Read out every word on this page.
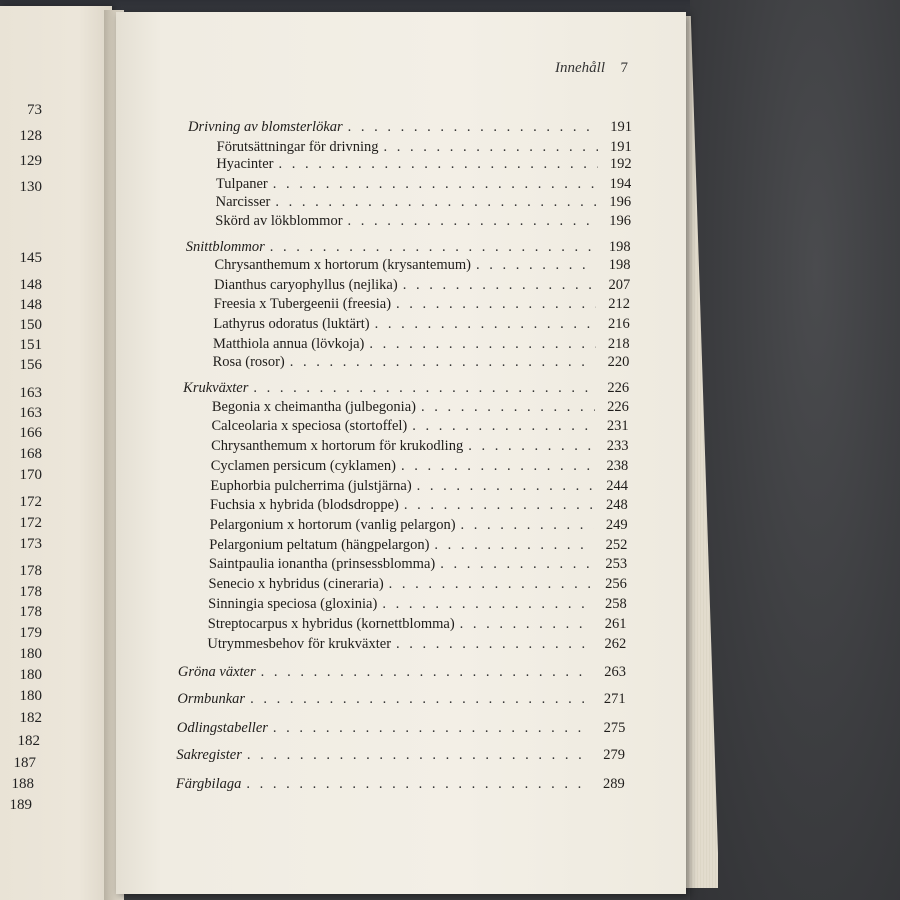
73
128
129
130
145
148
148
150
151
156
163
163
166
168
170
172
172
173
178
178
178
179
180
180
180
182
182
187
188
189
Innehåll 7
Drivning av blomsterlökar . . .	191
Förutsättningar för drivning . . .	191
Hyacinter . . .	192
Tulpaner . . .	194
Narcisser . . .	196
Skörd av lökblommor . . .	196
Snittblommor . . .	198
Chrysanthemum x hortorum (krysantemum) . . .	198
Dianthus caryophyllus (nejlika) . . .	207
Freesia x Tubergeenii (freesia) . . .	212
Lathyrus odoratus (luktärt) . . .	216
Matthiola annua (lövkoja) . . .	218
Rosa (rosor) . . .	220
Krukväxter . . .	226
Begonia x cheimantha (julbegonia) . . .	226
Calceolaria x speciosa (stortoffel) . . .	231
Chrysanthemum x hortorum för krukodling . . .	233
Cyclamen persicum (cyklamen) . . .	238
Euphorbia pulcherrima (julstjärna) . . .	244
Fuchsia x hybrida (blodsdroppe) . . .	248
Pelargonium x hortorum (vanlig pelargon) . . .	249
Pelargonium peltatum (hängpelargon) . . .	252
Saintpaulia ionantha (prinsessblomma) . . .	253
Senecio x hybridus (cineraria) . . .	256
Sinningia speciosa (gloxinia) . . .	258
Streptocarpus x hybridus (kornettblomma) . . .	261
Utrymmesbehov för krukväxter . . .	262
Gröna växter . . .	263
Ormbunkar . . .	271
Odlingstabeller . . .	275
Sakregister . . .	279
Färgbilaga . . .	289
